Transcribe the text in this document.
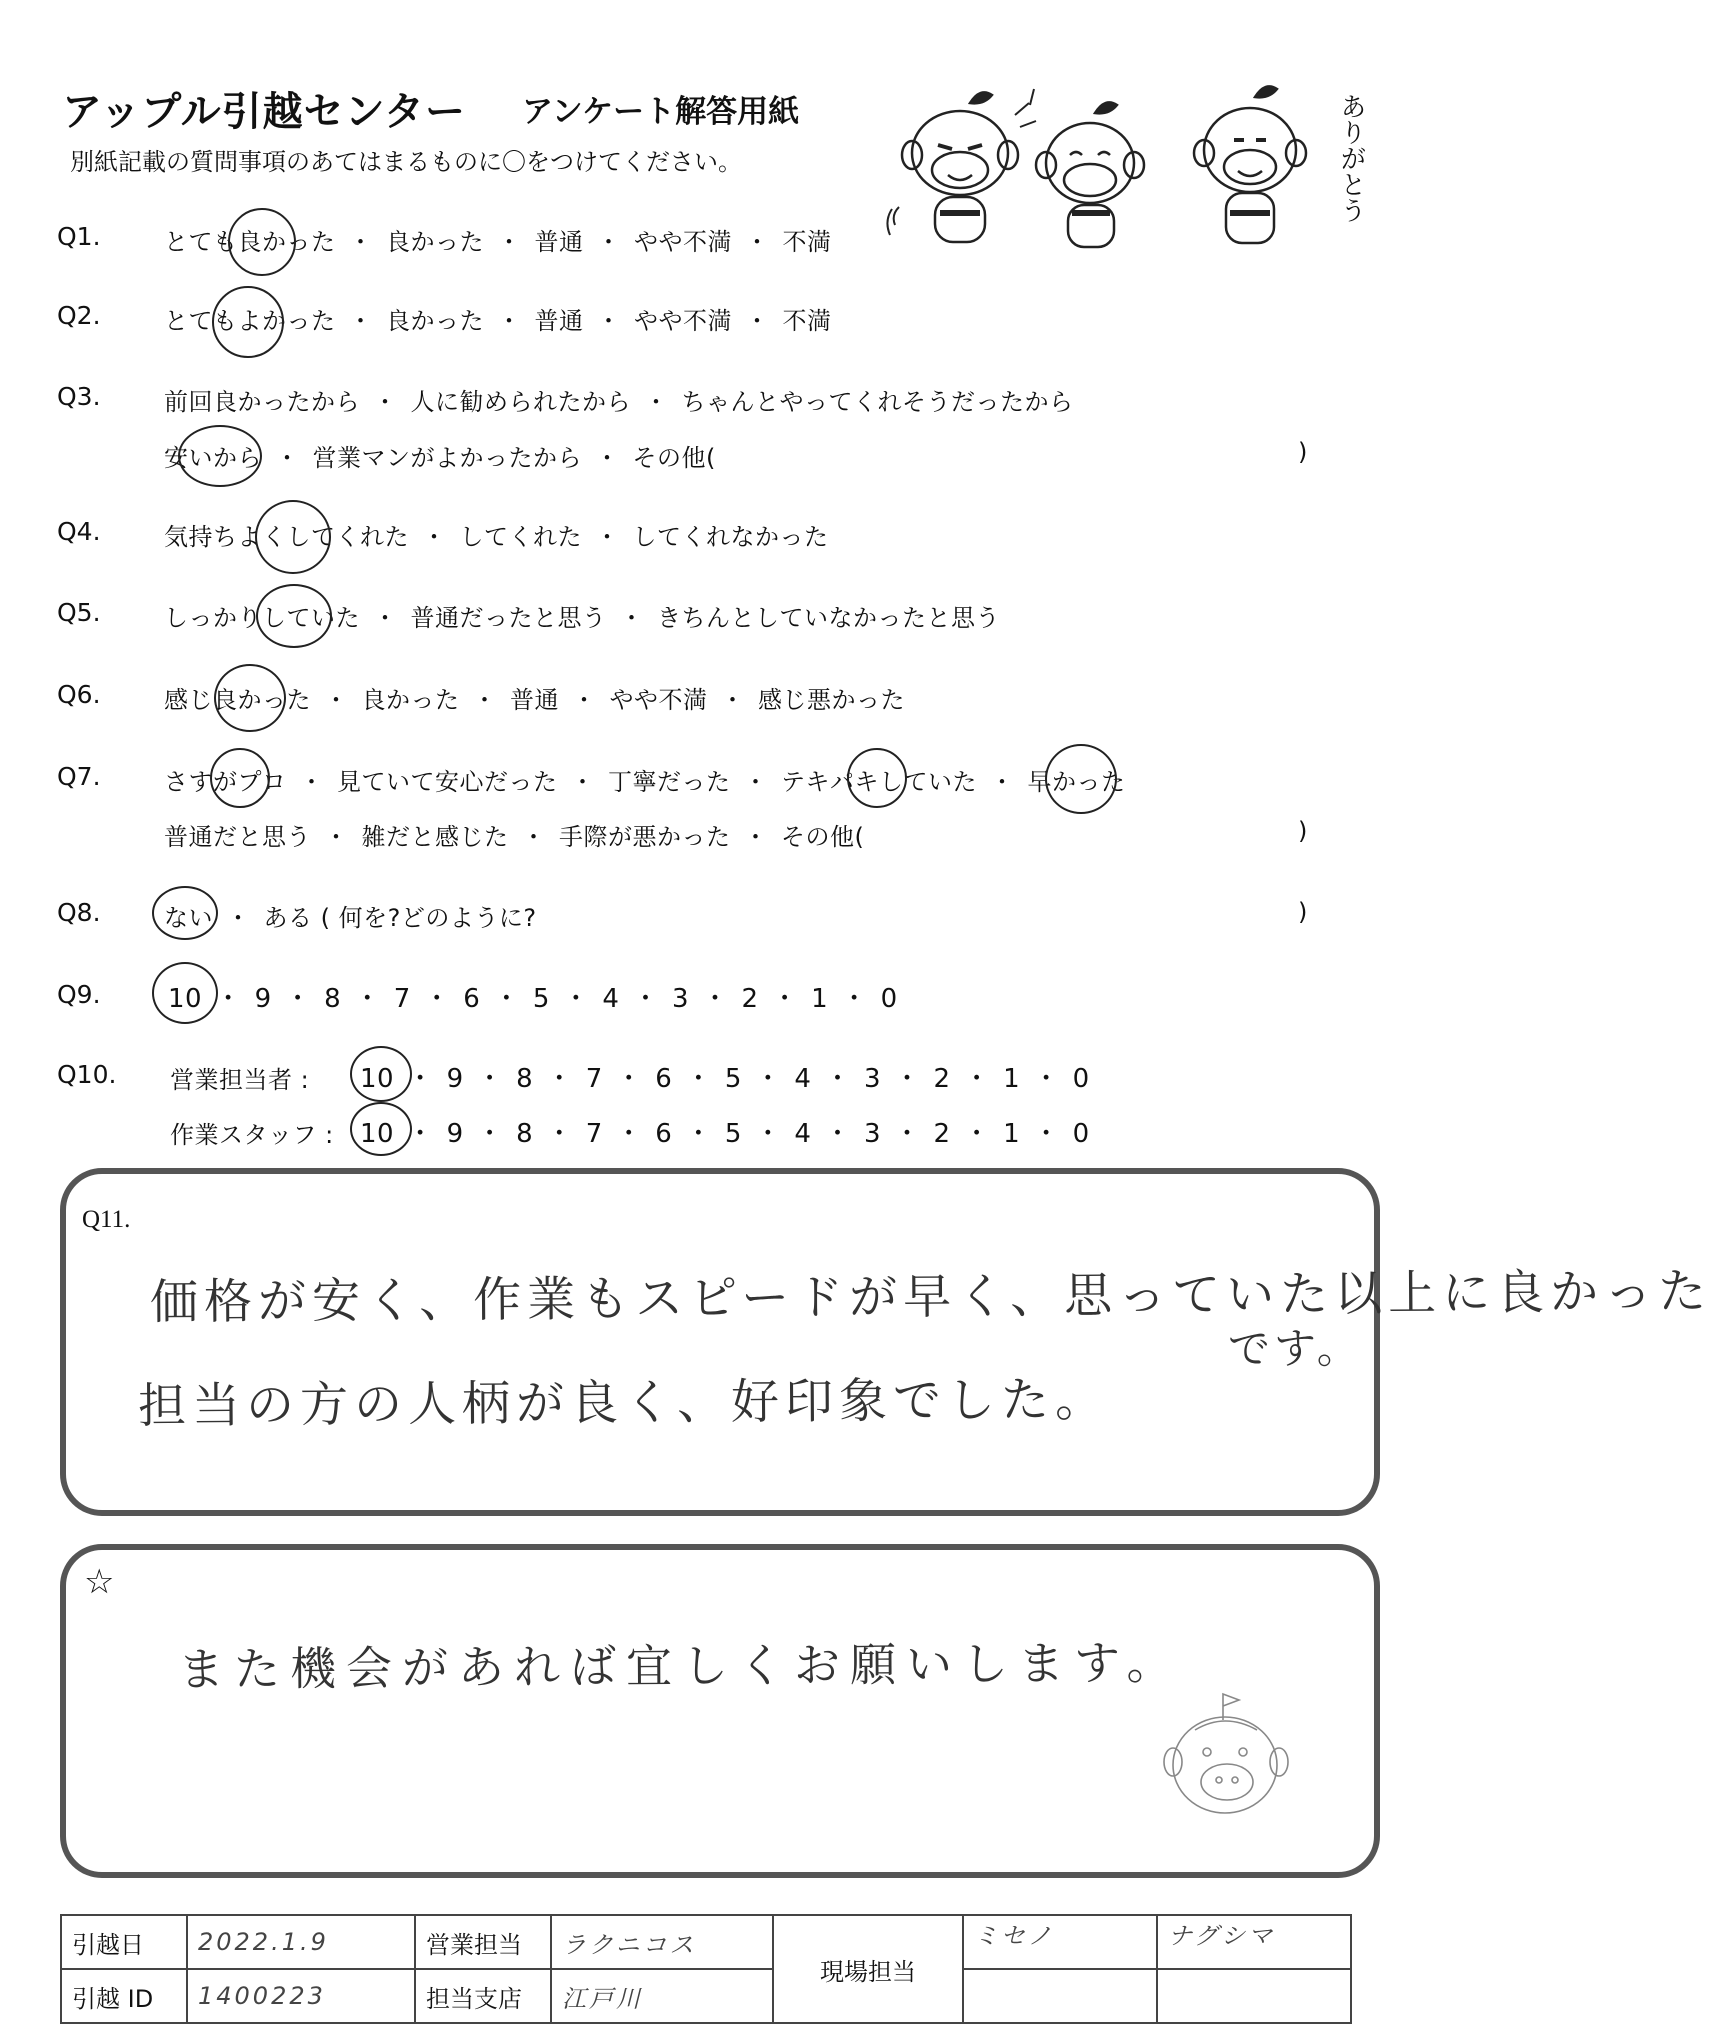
アップル引越センター アンケート解答用紙
別紙記載の質問事項のあてはまるものに〇をつけてください。	ありがとう
Q1.	とても良かった ・ 良かった ・ 普通 ・ やや不満 ・ 不満
Q2.	とてもよかった ・ 良かった ・ 普通 ・ やや不満 ・ 不満
Q3.	前回良かったから ・ 人に勧められたから ・ ちゃんとやってくれそうだったから
安いから ・ 営業マンがよかったから ・ その他(	)
Q4.	気持ちよくしてくれた ・ してくれた ・ してくれなかった
Q5.	しっかりしていた ・ 普通だったと思う ・ きちんとしていなかったと思う
Q6.	感じ良かった ・ 良かった ・ 普通 ・ やや不満 ・ 感じ悪かった
Q7.	さすがプロ ・ 見ていて安心だった ・ 丁寧だった ・ テキパキしていた ・ 早かった
普通だと思う ・ 雑だと感じた ・ 手際が悪かった ・ その他(	)
Q8.	ない ・ ある ( 何を?どのように?	)
Q9.	10 ・ 9 ・ 8 ・ 7 ・ 6 ・ 5 ・ 4 ・ 3 ・ 2 ・ 1 ・ 0
Q10. 営業担当者 : 10 ・ 9 ・ 8 ・ 7 ・ 6 ・ 5 ・ 4 ・ 3 ・ 2 ・ 1 ・ 0
作業スタッフ : 10 ・ 9 ・ 8 ・ 7 ・ 6 ・ 5 ・ 4 ・ 3 ・ 2 ・ 1 ・ 0
Q11.
価格が安く、作業もスピードが早く、思っていた以上に良かった
です。
担当の方の人柄が良く、好印象でした。
☆
また機会があれば宜しくお願いします。
引越日	2022.1.9	営業担当	ラクニコス	現場担当	ミセノ	ナグシマ
引越 ID	1400223	担当支店	江戸川			
